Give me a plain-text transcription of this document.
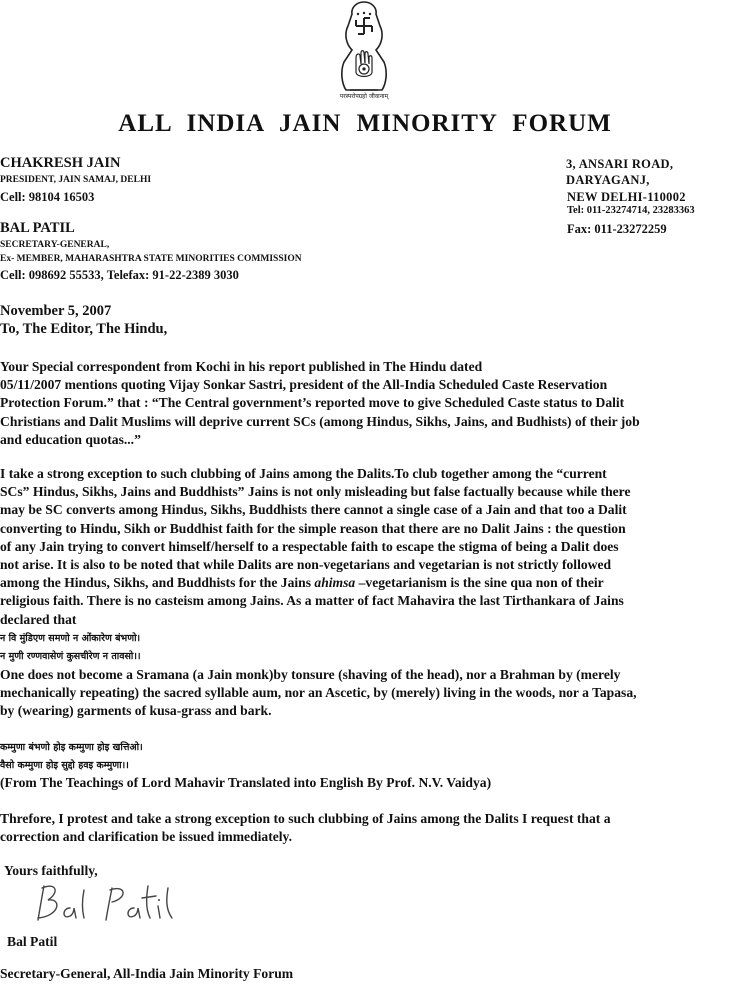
परस्परोपग्रहो जीवानाम्
ALL INDIA JAIN MINORITY FORUM
CHAKRESH JAIN
PRESIDENT, JAIN SAMAJ, DELHI
Cell: 98104 16503
BAL PATIL
SECRETARY-GENERAL,
Ex- MEMBER, MAHARASHTRA STATE MINORITIES COMMISSION
Cell: 098692 55533, Telefax: 91-22-2389 3030
3, ANSARI ROAD,
DARYAGANJ,
NEW DELHI-110002
Tel: 011-23274714, 23283363
Fax: 011-23272259
November 5, 2007
To, The Editor, The Hindu,
Your Special correspondent from Kochi in his report published in The Hindu dated
05/11/2007 mentions quoting Vijay Sonkar Sastri, president of the All-India Scheduled Caste Reservation
Protection Forum.” that : “The Central government’s reported move to give Scheduled Caste status to Dalit
Christians and Dalit Muslims will deprive current SCs (among Hindus, Sikhs, Jains, and Budhists) of their job
and education quotas...”
I take a strong exception to such clubbing of Jains among the Dalits.To club together among the “current
SCs” Hindus, Sikhs, Jains and Buddhists” Jains is not only misleading but false factually because while there
may be SC converts among Hindus, Sikhs, Buddhists there cannot a single case of a Jain and that too a Dalit
converting to Hindu, Sikh or Buddhist faith for the simple reason that there are no Dalit Jains : the question
of any Jain trying to convert himself/herself to a respectable faith to escape the stigma of being a Dalit does
not arise. It is also to be noted that while Dalits are non-vegetarians and vegetarian is not strictly followed
among the Hindus, Sikhs, and Buddhists for the Jains ahimsa –vegetarianism is the sine qua non of their
religious faith. There is no casteism among Jains. As a matter of fact Mahavira the last Tirthankara of Jains
declared that
न वि मुंडिएण समणो न ओंकारेण बंभणो।
न मुणी रण्णवासेणं कुसचीरेण न तावसो।।
One does not become a Sramana (a Jain monk)by tonsure (shaving of the head), nor a Brahman by (merely
mechanically repeating) the sacred syllable aum, nor an Ascetic, by (merely) living in the woods, nor a Tapasa,
by (wearing) garments of kusa-grass and bark.
कम्मुणा बंभणो होइ कम्मुणा होइ खत्तिओ।
वैसो कम्मुणा होइ सुद्दो हवइ कम्मुणा।।
(From The Teachings of Lord Mahavir Translated into English By Prof. N.V. Vaidya)
Threfore, I protest and take a strong exception to such clubbing of Jains among the Dalits I request that a
correction and clarification be issued immediately.
Yours faithfully,
Bal Patil
Secretary-General, All-India Jain Minority Forum
